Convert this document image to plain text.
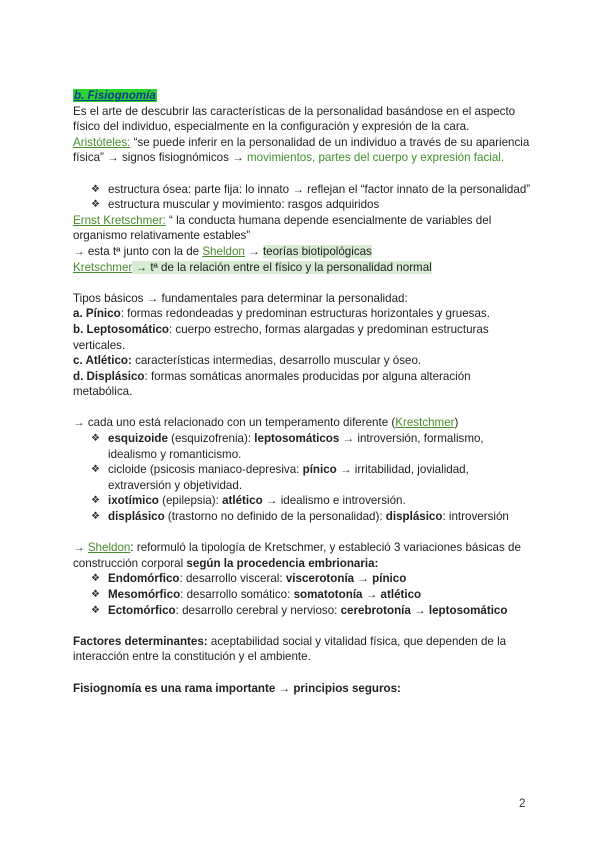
b. Fisiognomía

Es el arte de descubrir las características de la personalidad basándose en el aspecto físico del individuo, especialmente en la configuración y expresión de la cara.

Aristóteles: “se puede inferir en la personalidad de un individuo a través de su apariencia física” → signos fisiognómicos → movimientos, partes del cuerpo y expresión facial.

❖ estructura ósea: parte fija: lo innato → reflejan el “factor innato de la personalidad”
❖ estructura muscular y movimiento: rasgos adquiridos

Ernst Kretschmer: “ la conducta humana depende esencialmente de variables del organismo relativamente estables”

→ esta tª junto con la de Sheldon → teorías biotipológicas

Kretschmer → tª de la relación entre el físico y la personalidad normal

Tipos básicos → fundamentales para determinar la personalidad:

a. Pínico: formas redondeadas y predominan estructuras horizontales y gruesas.

b. Leptosomático: cuerpo estrecho, formas alargadas y predominan estructuras verticales.

c. Atlético: características intermedias, desarrollo muscular y óseo.

d. Displásico: formas somáticas anormales producidas por alguna alteración metabólica.

→ cada uno está relacionado con un temperamento diferente (Krestchmer)

❖ esquizoide (esquizofrenia): leptosomáticos → introversión, formalismo, idealismo y romanticismo.
❖ cicloide (psicosis maniaco-depresiva: pínico → irritabilidad, jovialidad, extraversión y objetividad.
❖ ixotímico (epilepsia): atlético → idealismo e introversión.
❖ displásico (trastorno no definido de la personalidad): displásico: introversión

→ Sheldon: reformuló la tipología de Kretschmer, y estableció 3 variaciones básicas de construcción corporal según la procedencia embrionaria:

❖ Endomórfico: desarrollo visceral: viscerotonía → pínico
❖ Mesomórfico: desarrollo somático: somatotonía → atlético
❖ Ectomórfico: desarrollo cerebral y nervioso: cerebrotonía → leptosomático

Factores determinantes: aceptabilidad social y vitalidad física, que dependen de la interacción entre la constitución y el ambiente.

Fisiognomía es una rama importante → principios seguros:

2
